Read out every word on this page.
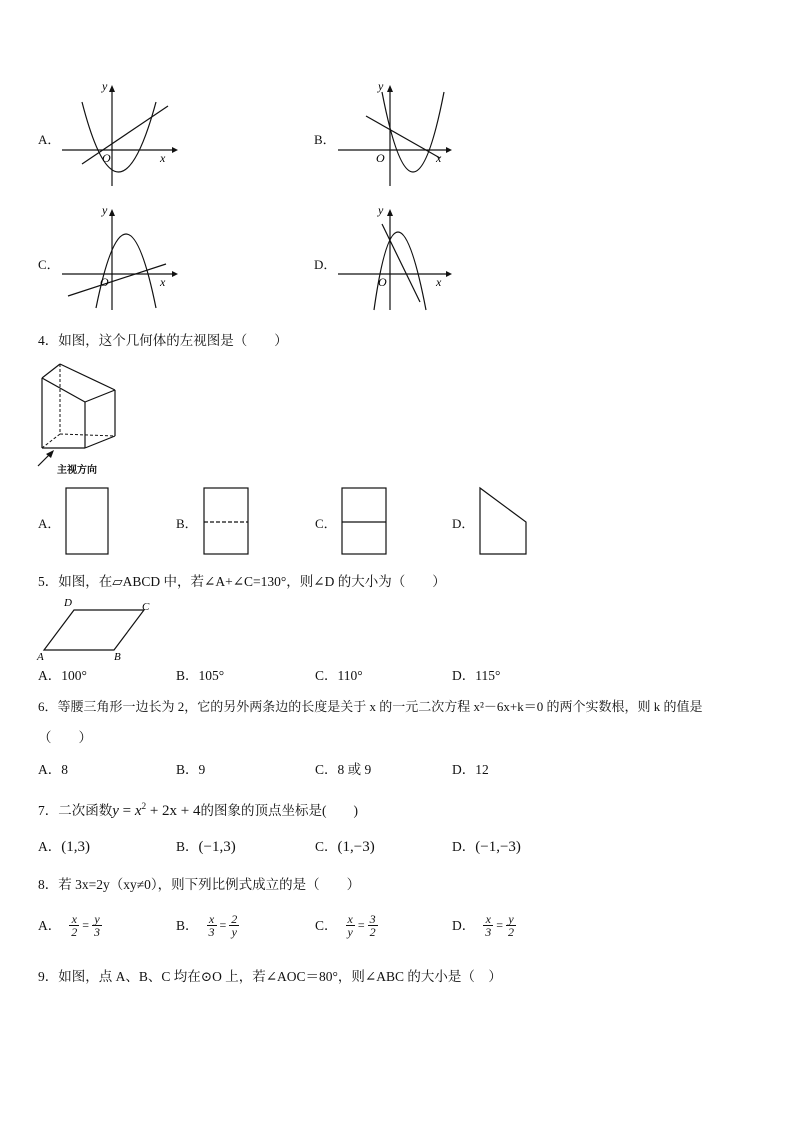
A．
y
x
O
B．
y
x
O
C．
y
x
O
D．
y
x
O
4．如图，这个几何体的左视图是（　　）
主视方向
A．	B．	C．	D．
5．如图，在▱ABCD 中，若∠A+∠C=130°，则∠D 的大小为（　　）
D	C
A	B
A．100°	B．105°	C．110°	D．115°
6．等腰三角形一边长为 2，它的另外两条边的长度是关于 x 的一元二次方程 x²－6x+k＝0 的两个实数根，则 k 的值是
（　　）
A．8	B．9	C．8 或 9	D．12
7．二次函数$y = x^2 + 2x + 4$的图象的顶点坐标是(　　)
A．(1,3)	B．(−1,3)	C．(1,−3)	D．(−1,−3)
8．若 3x=2y（xy≠0），则下列比例式成立的是（　　）
A． $\frac{x}{2} = \frac{y}{3}$	B． $\frac{x}{3} = \frac{2}{y}$	C． $\frac{x}{y} = \frac{3}{2}$	D． $\frac{x}{3} = \frac{y}{2}$
9．如图，点 A、B、C 均在⊙O 上，若∠AOC＝80°，则∠ABC 的大小是（　）
